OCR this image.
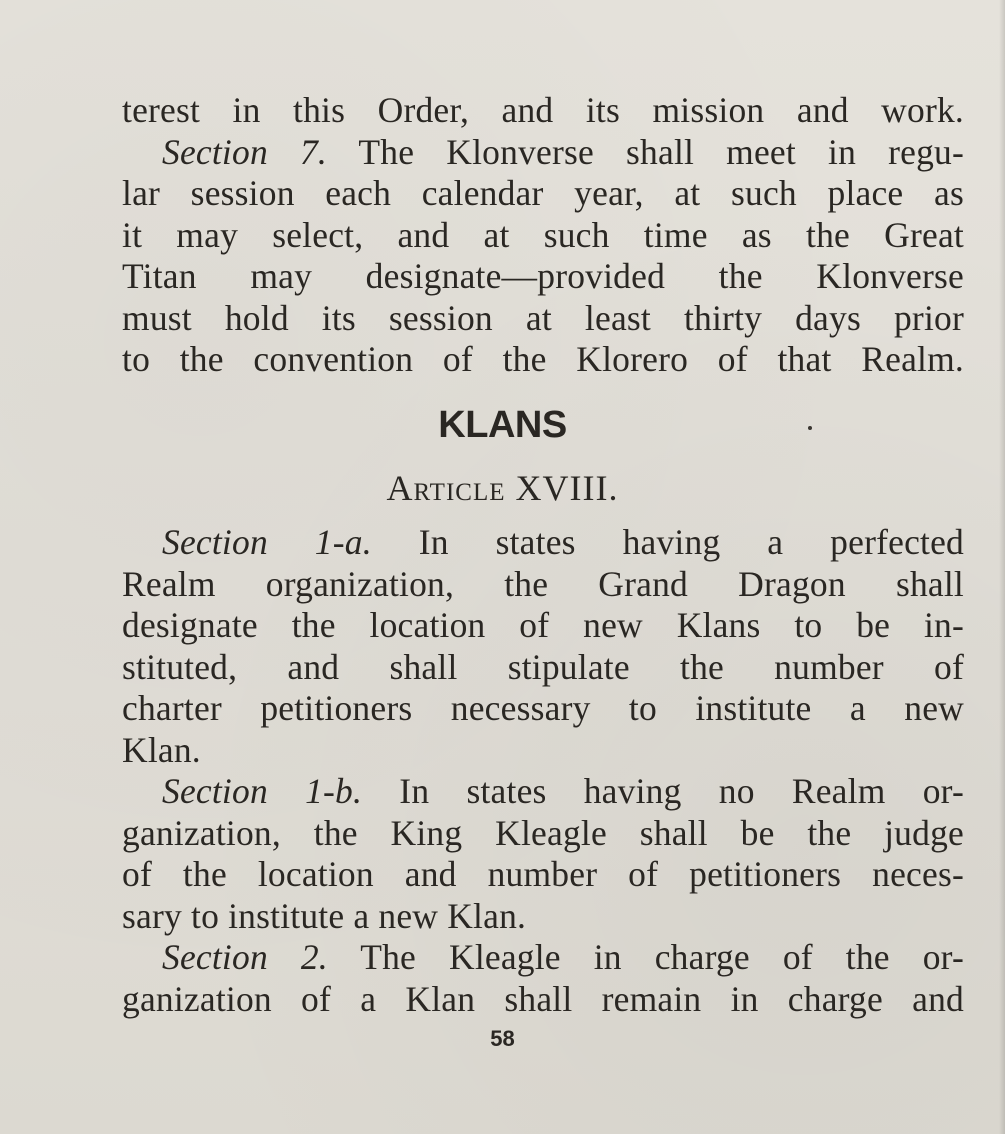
terest in this Order, and its mission and work.
Section 7. The Klonverse shall meet in regu-
lar session each calendar year, at such place as
it may select, and at such time as the Great
Titan may designate—provided the Klonverse
must hold its session at least thirty days prior
to the convention of the Klorero of that Realm.
KLANS
Article XVIII.
Section 1-a. In states having a perfected
Realm organization, the Grand Dragon shall
designate the location of new Klans to be in-
stituted, and shall stipulate the number of
charter petitioners necessary to institute a new
Klan.
Section 1-b. In states having no Realm or-
ganization, the King Kleagle shall be the judge
of the location and number of petitioners neces-
sary to institute a new Klan.
Section 2. The Kleagle in charge of the or-
ganization of a Klan shall remain in charge and
58
